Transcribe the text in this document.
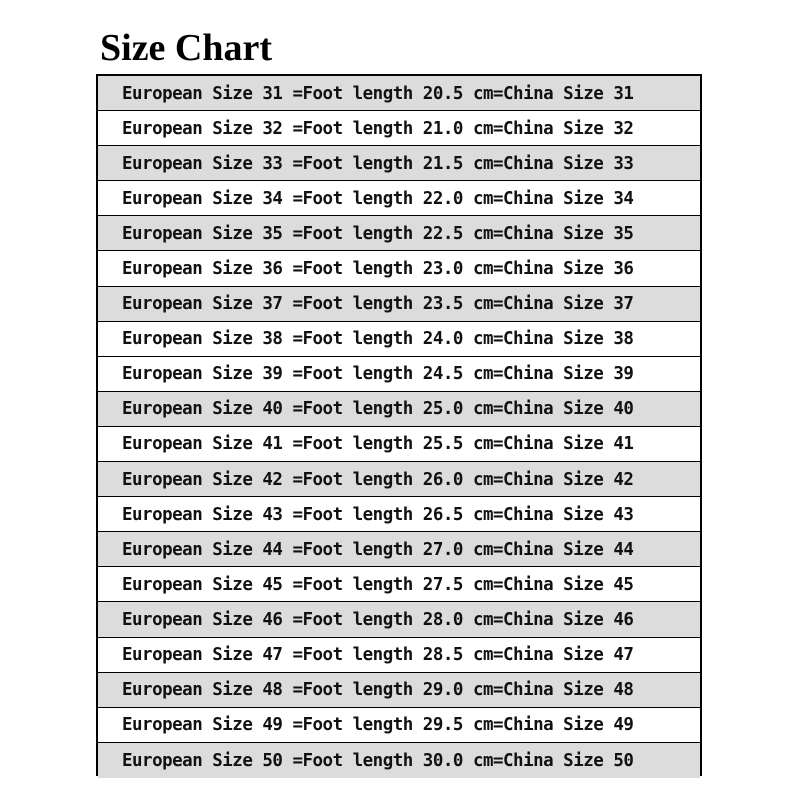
Size Chart
European Size 31 =Foot length 20.5 cm=China Size 31
European Size 32 =Foot length 21.0 cm=China Size 32
European Size 33 =Foot length 21.5 cm=China Size 33
European Size 34 =Foot length 22.0 cm=China Size 34
European Size 35 =Foot length 22.5 cm=China Size 35
European Size 36 =Foot length 23.0 cm=China Size 36
European Size 37 =Foot length 23.5 cm=China Size 37
European Size 38 =Foot length 24.0 cm=China Size 38
European Size 39 =Foot length 24.5 cm=China Size 39
European Size 40 =Foot length 25.0 cm=China Size 40
European Size 41 =Foot length 25.5 cm=China Size 41
European Size 42 =Foot length 26.0 cm=China Size 42
European Size 43 =Foot length 26.5 cm=China Size 43
European Size 44 =Foot length 27.0 cm=China Size 44
European Size 45 =Foot length 27.5 cm=China Size 45
European Size 46 =Foot length 28.0 cm=China Size 46
European Size 47 =Foot length 28.5 cm=China Size 47
European Size 48 =Foot length 29.0 cm=China Size 48
European Size 49 =Foot length 29.5 cm=China Size 49
European Size 50 =Foot length 30.0 cm=China Size 50
